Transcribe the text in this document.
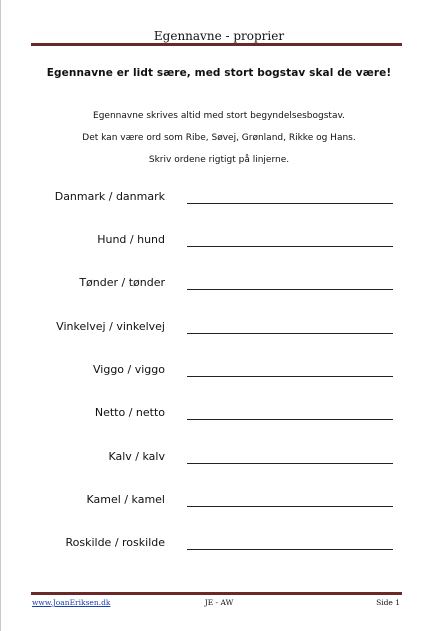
Egennavne - proprier
Egennavne er lidt sære, med stort bogstav skal de være!
Egennavne skrives altid med stort begyndelsesbogstav.
Det kan være ord som Ribe, Søvej, Grønland, Rikke og Hans.
Skriv ordene rigtigt på linjerne.
Danmark / danmark
Hund / hund
Tønder / tønder
Vinkelvej / vinkelvej
Viggo / viggo
Netto / netto
Kalv / kalv
Kamel / kamel
Roskilde / roskilde
www.JoanEriksen.dk	JE - AW	Side 1
